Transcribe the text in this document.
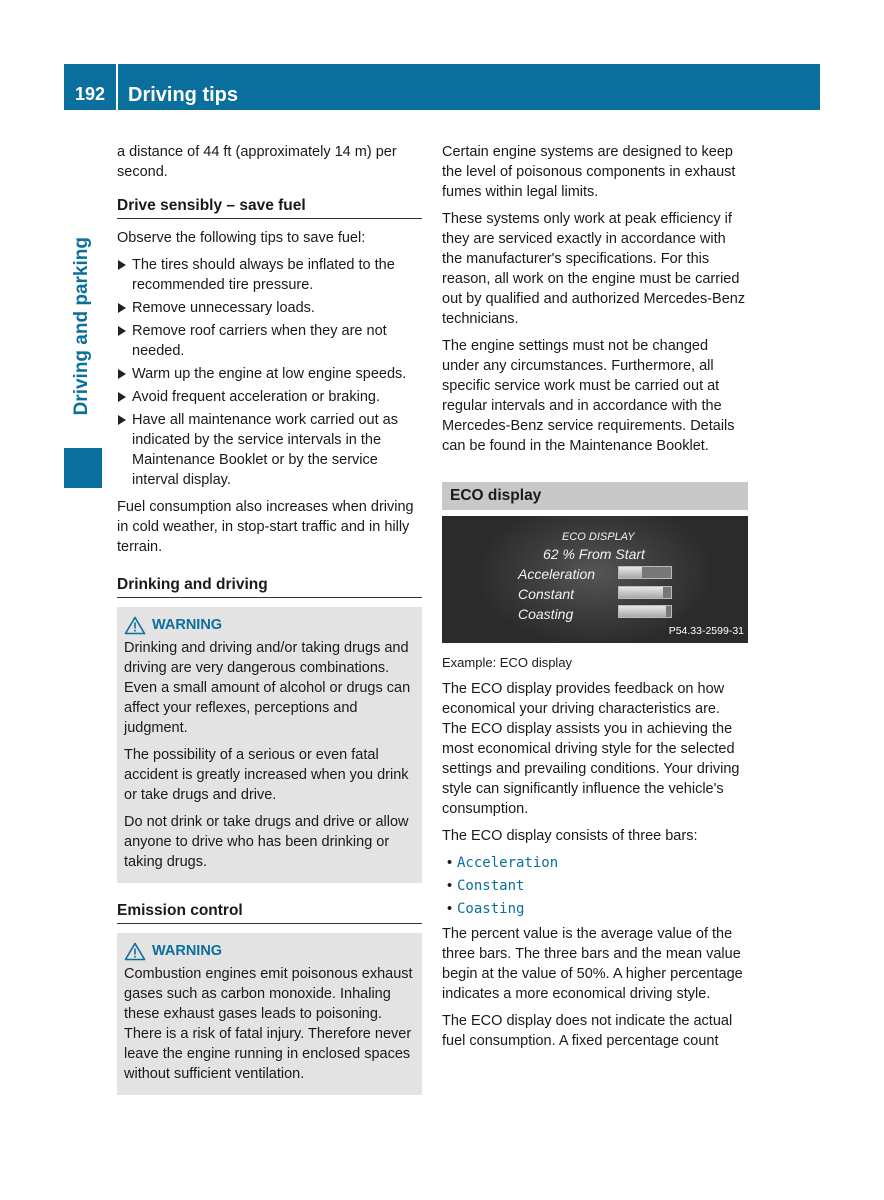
192	Driving tips
Driving and parking

a distance of 44 ft (approximately 14 m) per second.

Drive sensibly – save fuel

Observe the following tips to save fuel:

The tires should always be inflated to the recommended tire pressure.
Remove unnecessary loads.
Remove roof carriers when they are not needed.
Warm up the engine at low engine speeds.
Avoid frequent acceleration or braking.
Have all maintenance work carried out as indicated by the service intervals in the Maintenance Booklet or by the service interval display.

Fuel consumption also increases when driving in cold weather, in stop-start traffic and in hilly terrain.

Drinking and driving
WARNING

Drinking and driving and/or taking drugs and driving are very dangerous combinations. Even a small amount of alcohol or drugs can affect your reflexes, perceptions and judgment.

The possibility of a serious or even fatal accident is greatly increased when you drink or take drugs and drive.

Do not drink or take drugs and drive or allow anyone to drive who has been drinking or taking drugs.

Emission control
WARNING

Combustion engines emit poisonous exhaust gases such as carbon monoxide. Inhaling these exhaust gases leads to poisoning. There is a risk of fatal injury. Therefore never leave the engine running in enclosed spaces without sufficient ventilation.

Certain engine systems are designed to keep the level of poisonous components in exhaust fumes within legal limits.

These systems only work at peak efficiency if they are serviced exactly in accordance with the manufacturer's specifications. For this reason, all work on the engine must be carried out by qualified and authorized Mercedes-Benz technicians.

The engine settings must not be changed under any circumstances. Furthermore, all specific service work must be carried out at regular intervals and in accordance with the Mercedes-Benz service requirements. Details can be found in the Maintenance Booklet.

ECO display
ECO DISPLAY
62 % From Start
Acceleration
Constant
Coasting
P54.33-2599-31
Example: ECO display

The ECO display provides feedback on how economical your driving characteristics are. The ECO display assists you in achieving the most economical driving style for the selected settings and prevailing conditions. Your driving style can significantly influence the vehicle's consumption.

The ECO display consists of three bars:

• Acceleration
• Constant
• Coasting

The percent value is the average value of the three bars. The three bars and the mean value begin at the value of 50%. A higher percentage indicates a more economical driving style.

The ECO display does not indicate the actual fuel consumption. A fixed percentage count
